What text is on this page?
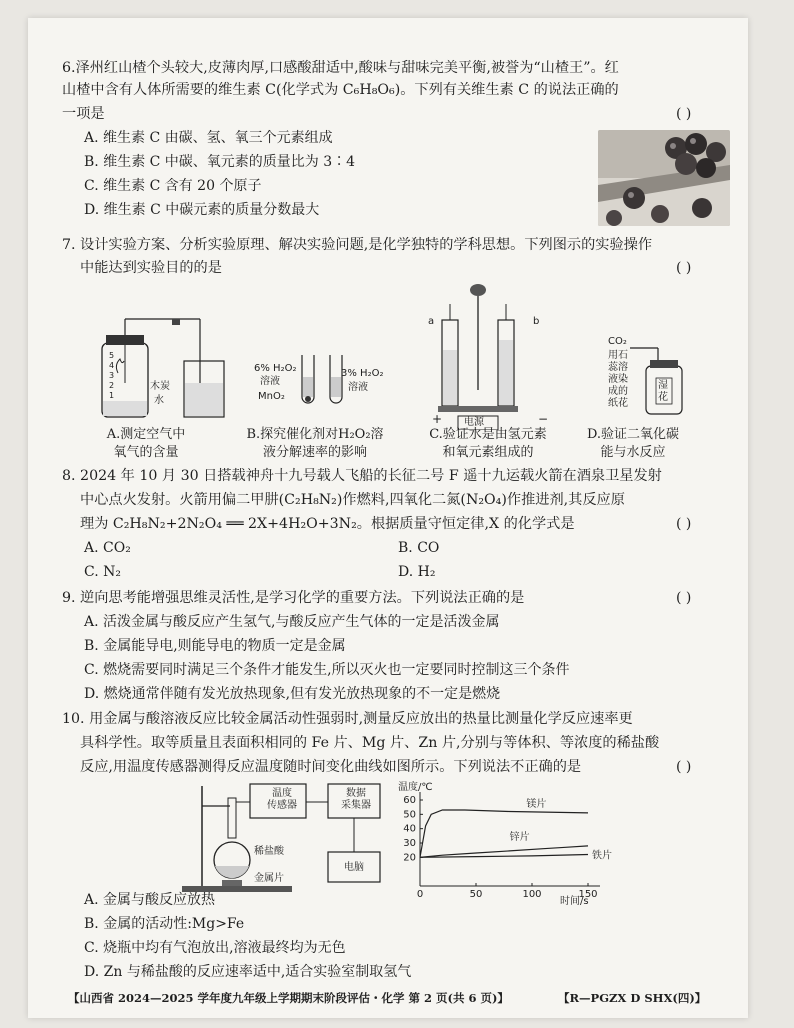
6.泽州红山楂个头较大,皮薄肉厚,口感酸甜适中,酸味与甜味完美平衡,被誉为“山楂王”。红
山楂中含有人体所需要的维生素 C(化学式为 C₆H₈O₆)。下列有关维生素 C 的说法正确的
一项是	( )
A. 维生素 C 由碳、氢、氧三个元素组成
B. 维生素 C 中碳、氧元素的质量比为 3∶4
C. 维生素 C 含有 20 个原子
D. 维生素 C 中碳元素的质量分数最大
7. 设计实验方案、分析实验原理、解决实验问题,是化学独特的学科思想。下列图示的实验操作
中能达到实验目的的是	( )
5
4
3
2
1
木炭
水
A.测定空气中
氧气的含量
6% H₂O₂
溶液
MnO₂
3% H₂O₂
溶液
B.探究催化剂对H₂O₂溶
液分解速率的影响
a	b
电源
+	−
C.验证水是由氢元素
和氧元素组成的
CO₂
用石
蕊溶
液染
成的
纸花
湿
花
D.验证二氧化碳
能与水反应
8. 2024 年 10 月 30 日搭载神舟十九号载人飞船的长征二号 F 遥十九运载火箭在酒泉卫星发射
中心点火发射。火箭用偏二甲肼(C₂H₈N₂)作燃料,四氧化二氮(N₂O₄)作推进剂,其反应原
理为 C₂H₈N₂+2N₂O₄ ══ 2X+4H₂O+3N₂。根据质量守恒定律,X 的化学式是	( )
A. CO₂	B. CO
C. N₂	D. H₂
9. 逆向思考能增强思维灵活性,是学习化学的重要方法。下列说法正确的是	( )
A. 活泼金属与酸反应产生氢气,与酸反应产生气体的一定是活泼金属
B. 金属能导电,则能导电的物质一定是金属
C. 燃烧需要同时满足三个条件才能发生,所以灭火也一定要同时控制这三个条件
D. 燃烧通常伴随有发光放热现象,但有发光放热现象的不一定是燃烧
10. 用金属与酸溶液反应比较金属活动性强弱时,测量反应放出的热量比测量化学反应速率更
具科学性。取等质量且表面积相同的 Fe 片、Mg 片、Zn 片,分别与等体积、等浓度的稀盐酸
反应,用温度传感器测得反应温度随时间变化曲线如图所示。下列说法不正确的是	( )
温度
传感器
数据
采集器
稀盐酸
金属片
电脑
温度/℃
时间/s
0	50	100	150
20
30
40
50
60	镁片
锌片
铁片
A. 金属与酸反应放热
B. 金属的活动性:Mg>Fe
C. 烧瓶中均有气泡放出,溶液最终均为无色
D. Zn 与稀盐酸的反应速率适中,适合实验室制取氢气
【山西省 2024—2025 学年度九年级上学期期末阶段评估・化学 第 2 页(共 6 页)】	【R—PGZX D SHX(四)】
